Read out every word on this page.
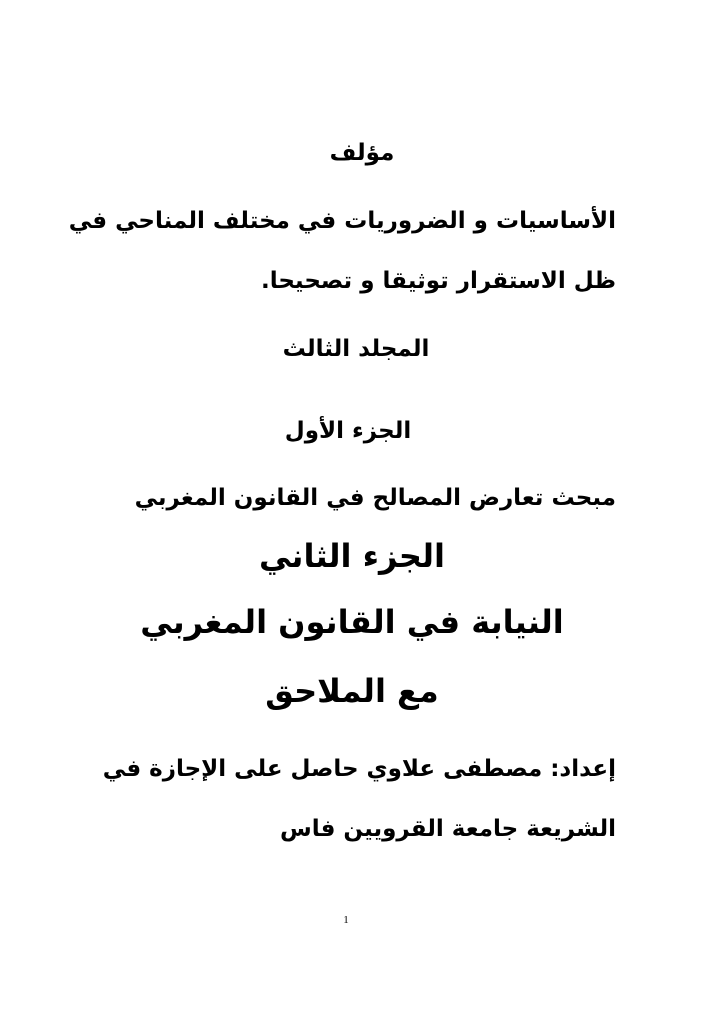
مؤلف
الأساسيات و الضروريات في مختلف المناحي في
ظل الاستقرار توثيقا و تصحيحا.
المجلد الثالث
الجزء الأول
مبحث تعارض المصالح في القانون المغربي
الجزء الثاني
النيابة في القانون المغربي
مع الملاحق
إعداد: مصطفى علاوي حاصل على الإجازة في
الشريعة جامعة القرويين فاس
1
